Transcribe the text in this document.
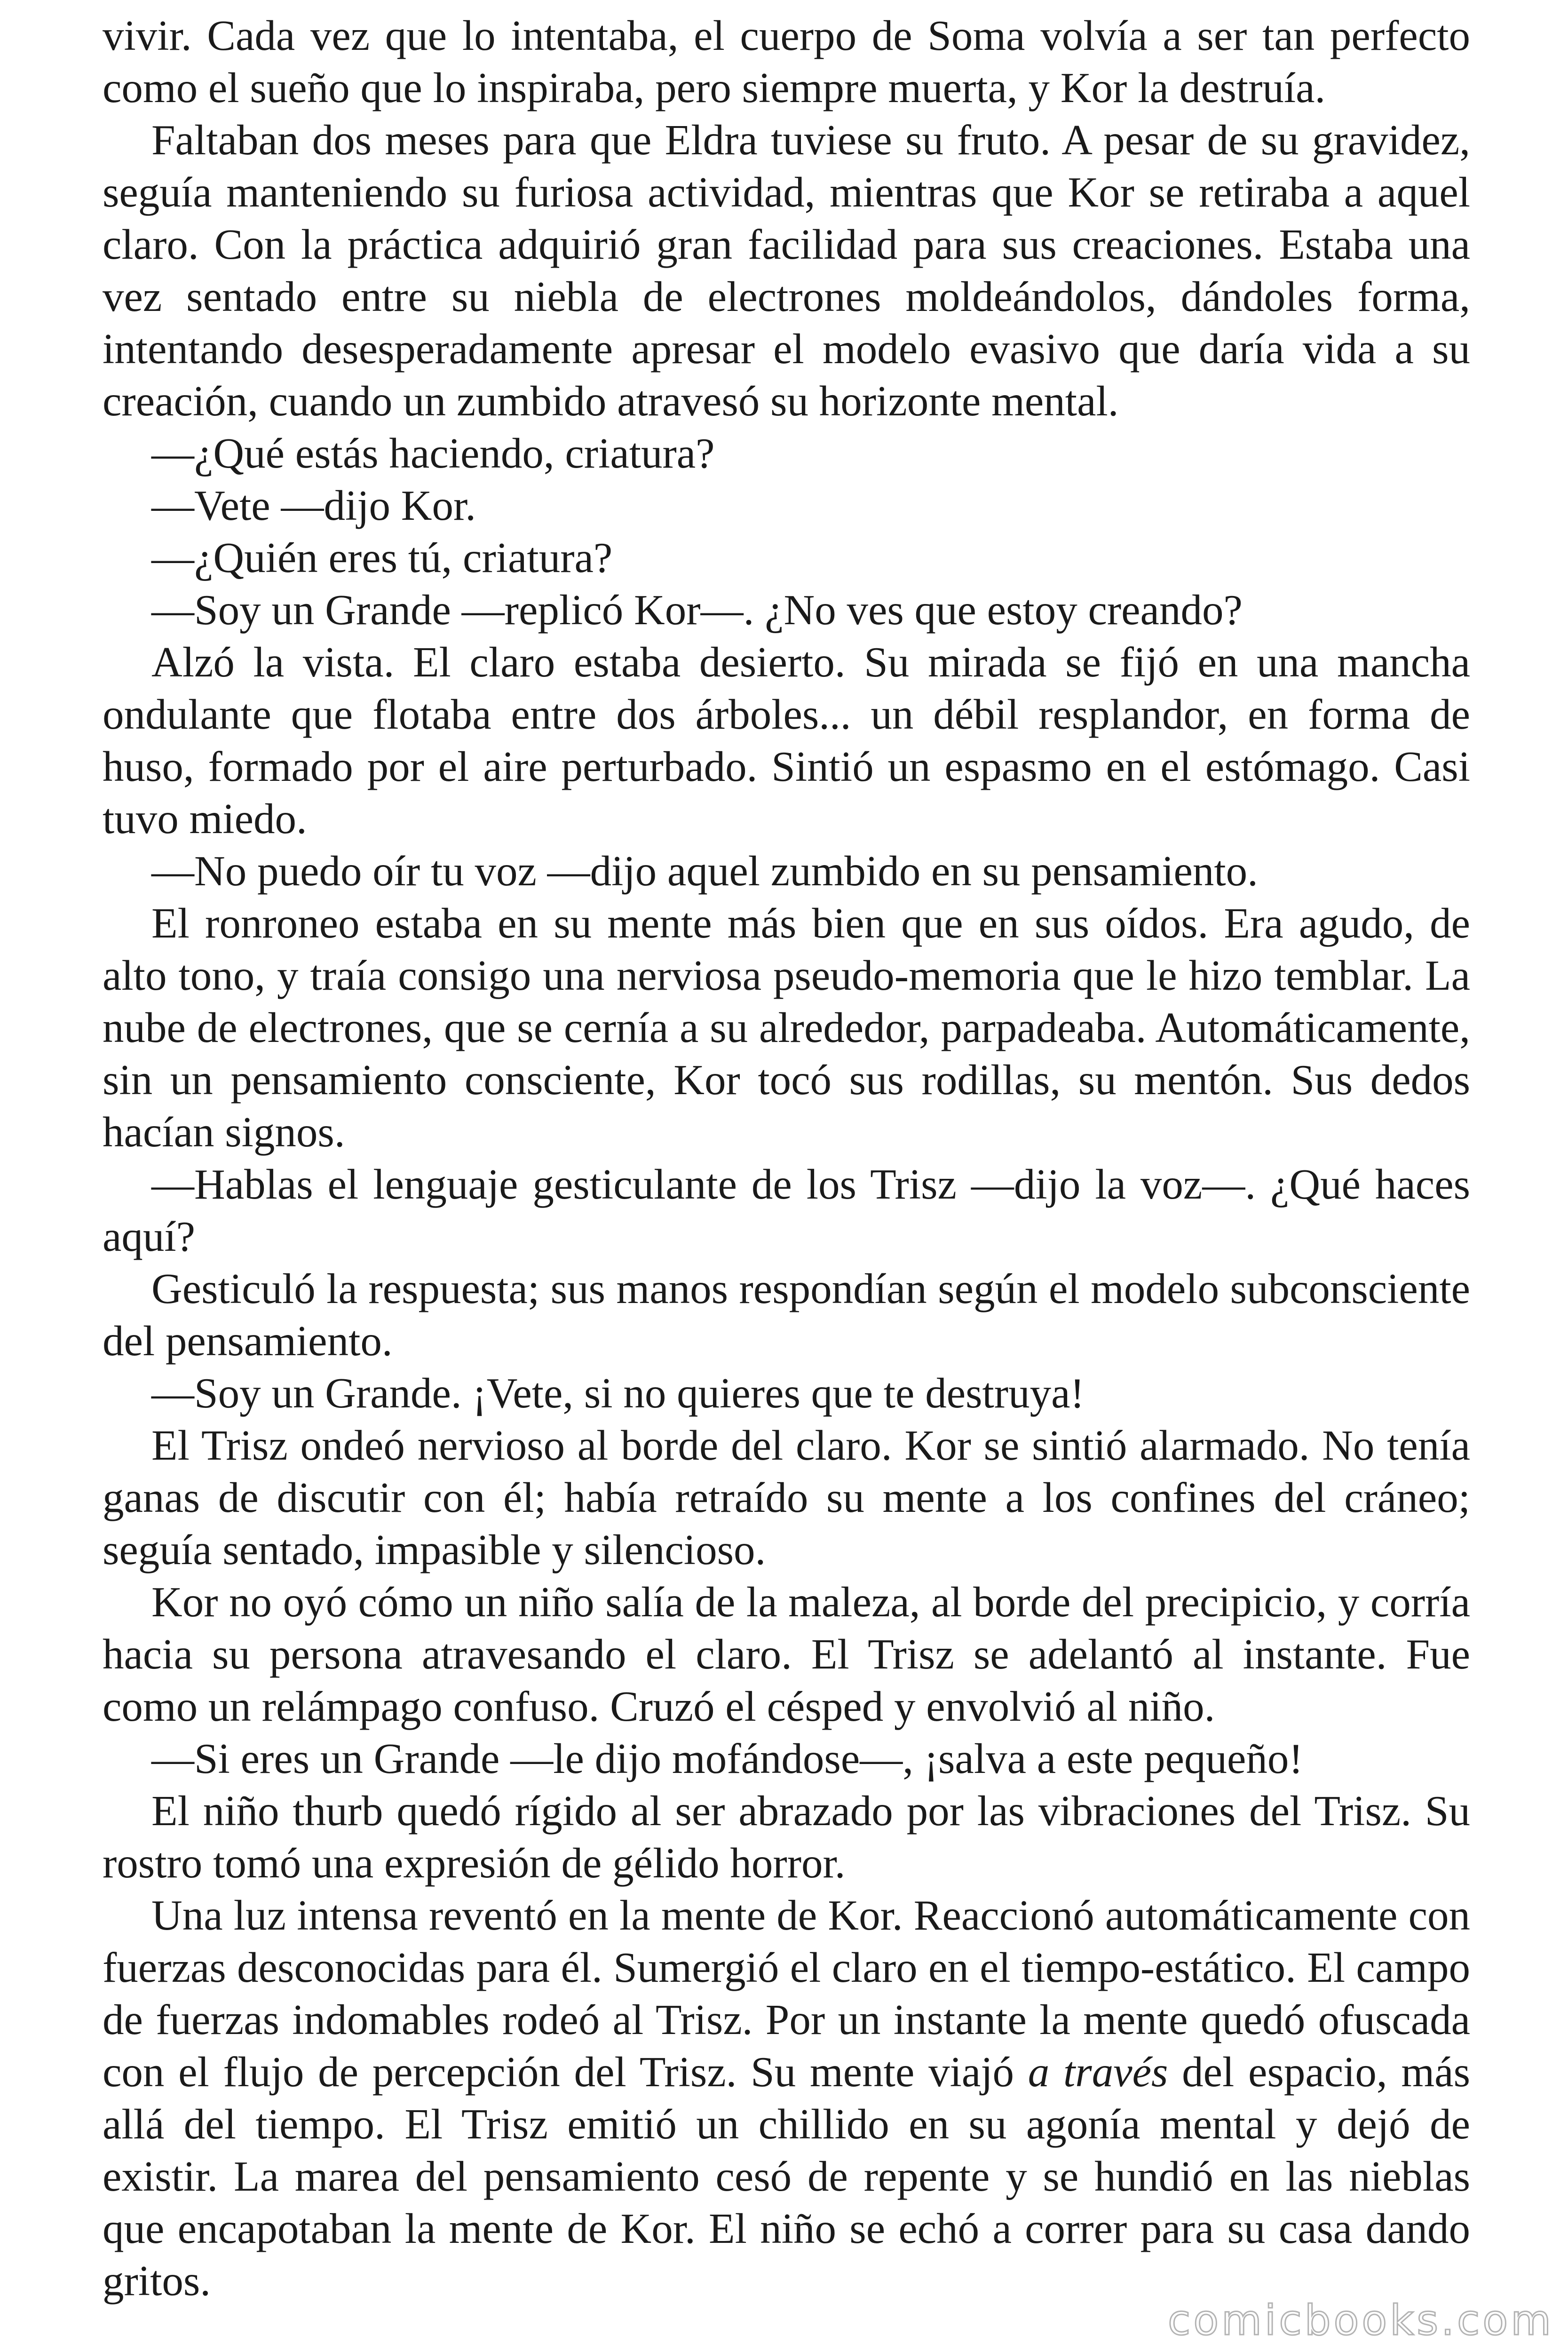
vivir. Cada vez que lo intentaba, el cuerpo de Soma volvía a ser tan perfecto como el sueño que lo inspiraba, pero siempre muerta, y Kor la destruía.

Faltaban dos meses para que Eldra tuviese su fruto. A pesar de su gravidez, seguía manteniendo su furiosa actividad, mientras que Kor se retiraba a aquel claro. Con la práctica adquirió gran facilidad para sus creaciones. Estaba una vez sentado entre su niebla de electrones moldeándolos, dándoles forma, intentando desesperadamente apresar el modelo evasivo que daría vida a su creación, cuando un zumbido atravesó su horizonte mental.

—¿Qué estás haciendo, criatura?

—Vete —dijo Kor.

—¿Quién eres tú, criatura?

—Soy un Grande —replicó Kor—. ¿No ves que estoy creando?

Alzó la vista. El claro estaba desierto. Su mirada se fijó en una mancha ondulante que flotaba entre dos árboles... un débil resplandor, en forma de huso, formado por el aire perturbado. Sintió un espasmo en el estómago. Casi tuvo miedo.

—No puedo oír tu voz —dijo aquel zumbido en su pensamiento.

El ronroneo estaba en su mente más bien que en sus oídos. Era agudo, de alto tono, y traía consigo una nerviosa pseudo-memoria que le hizo temblar. La nube de electrones, que se cernía a su alrededor, parpadeaba. Automáticamente, sin un pensamiento consciente, Kor tocó sus rodillas, su mentón. Sus dedos hacían signos.

—Hablas el lenguaje gesticulante de los Trisz —dijo la voz—. ¿Qué haces aquí?

Gesticuló la respuesta; sus manos respondían según el modelo subconsciente del pensamiento.

—Soy un Grande. ¡Vete, si no quieres que te destruya!

El Trisz ondeó nervioso al borde del claro. Kor se sintió alarmado. No tenía ganas de discutir con él; había retraído su mente a los confines del cráneo; seguía sentado, impasible y silencioso.

Kor no oyó cómo un niño salía de la maleza, al borde del precipicio, y corría hacia su persona atravesando el claro. El Trisz se adelantó al instante. Fue como un relámpago confuso. Cruzó el césped y envolvió al niño.

—Si eres un Grande —le dijo mofándose—, ¡salva a este pequeño!

El niño thurb quedó rígido al ser abrazado por las vibraciones del Trisz. Su rostro tomó una expresión de gélido horror.

Una luz intensa reventó en la mente de Kor. Reaccionó automáticamente con fuerzas desconocidas para él. Sumergió el claro en el tiempo-estático. El campo de fuerzas indomables rodeó al Trisz. Por un instante la mente quedó ofuscada con el flujo de percepción del Trisz. Su mente viajó a través del espacio, más allá del tiempo. El Trisz emitió un chillido en su agonía mental y dejó de existir. La marea del pensamiento cesó de repente y se hundió en las nieblas que encapotaban la mente de Kor. El niño se echó a correr para su casa dando gritos.

comicbooks.com
